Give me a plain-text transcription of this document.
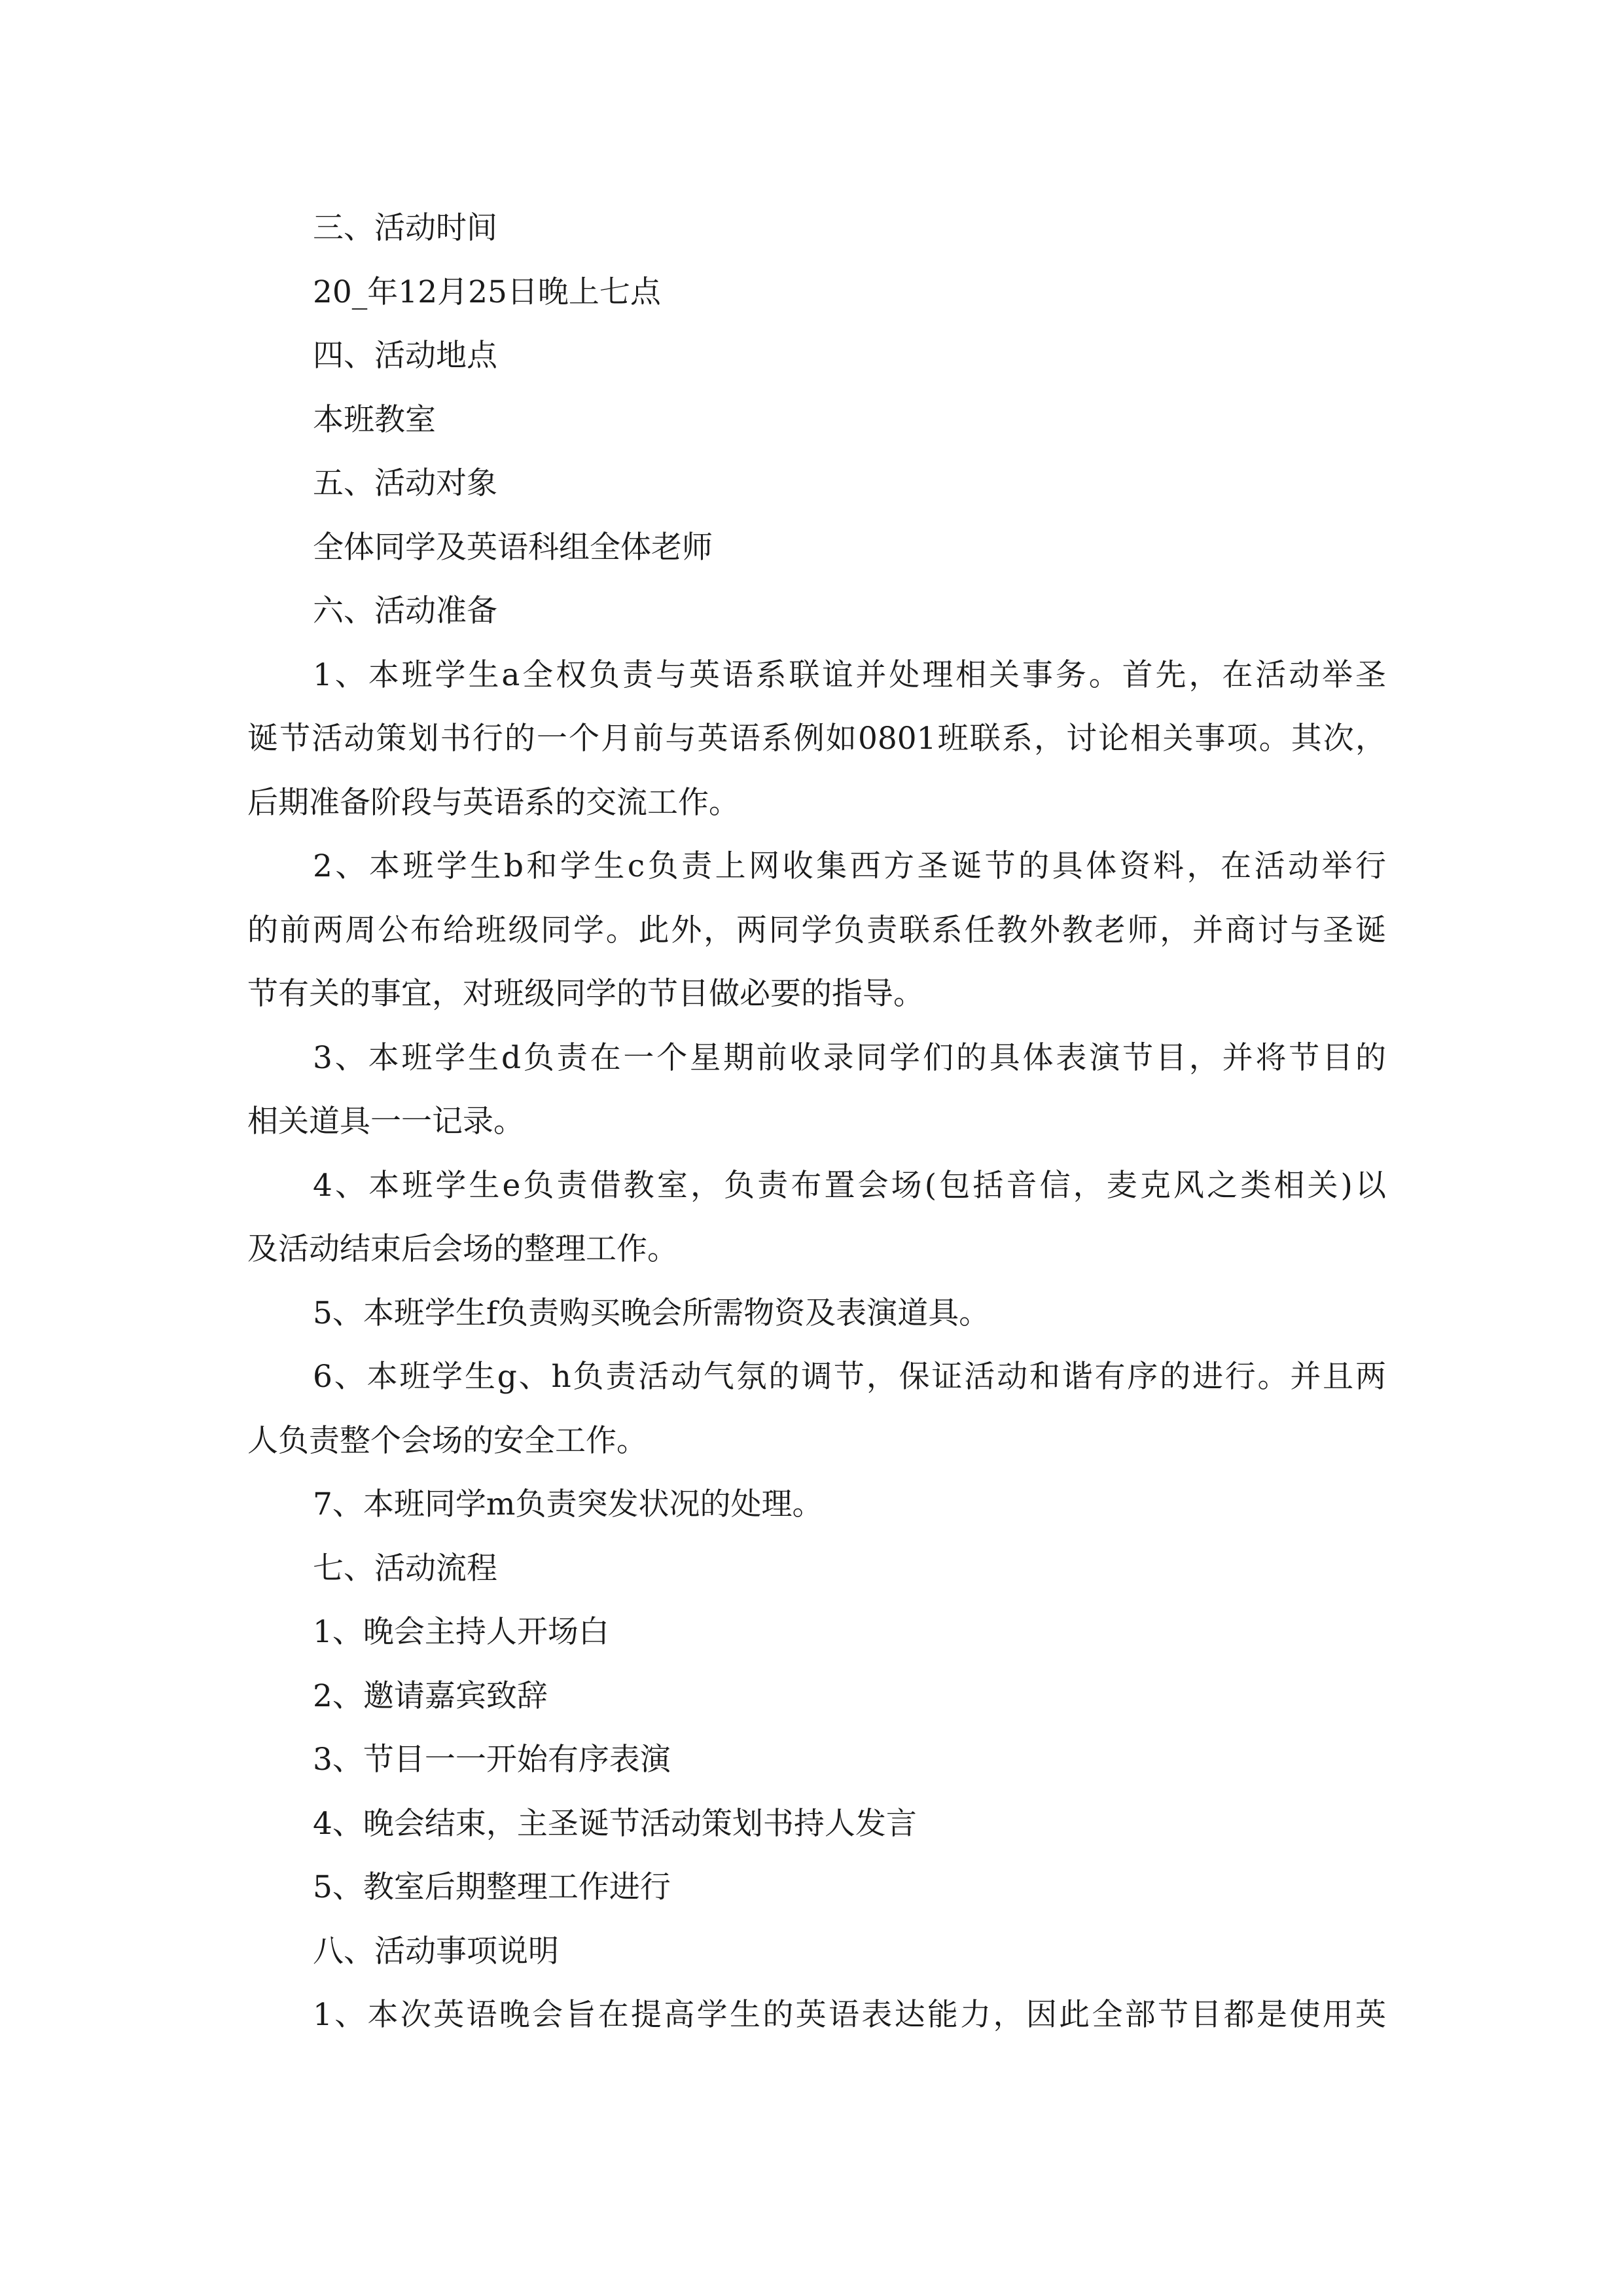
三、活动时间
20_年12月25日晚上七点
四、活动地点
本班教室
五、活动对象
全体同学及英语科组全体老师
六、活动准备
1、本班学生a全权负责与英语系联谊并处理相关事务。首先，在活动举圣
诞节活动策划书行的一个月前与英语系例如0801班联系，讨论相关事项。其次，
后期准备阶段与英语系的交流工作。
2、本班学生b和学生c负责上网收集西方圣诞节的具体资料，在活动举行
的前两周公布给班级同学。此外，两同学负责联系任教外教老师，并商讨与圣诞
节有关的事宜，对班级同学的节目做必要的指导。
3、本班学生d负责在一个星期前收录同学们的具体表演节目，并将节目的
相关道具一一记录。
4、本班学生e负责借教室，负责布置会场(包括音信，麦克风之类相关)以
及活动结束后会场的整理工作。
5、本班学生f负责购买晚会所需物资及表演道具。
6、本班学生g、h负责活动气氛的调节，保证活动和谐有序的进行。并且两
人负责整个会场的安全工作。
7、本班同学m负责突发状况的处理。
七、活动流程
1、晚会主持人开场白
2、邀请嘉宾致辞
3、节目一一开始有序表演
4、晚会结束，主圣诞节活动策划书持人发言
5、教室后期整理工作进行
八、活动事项说明
1、本次英语晚会旨在提高学生的英语表达能力，因此全部节目都是使用英
